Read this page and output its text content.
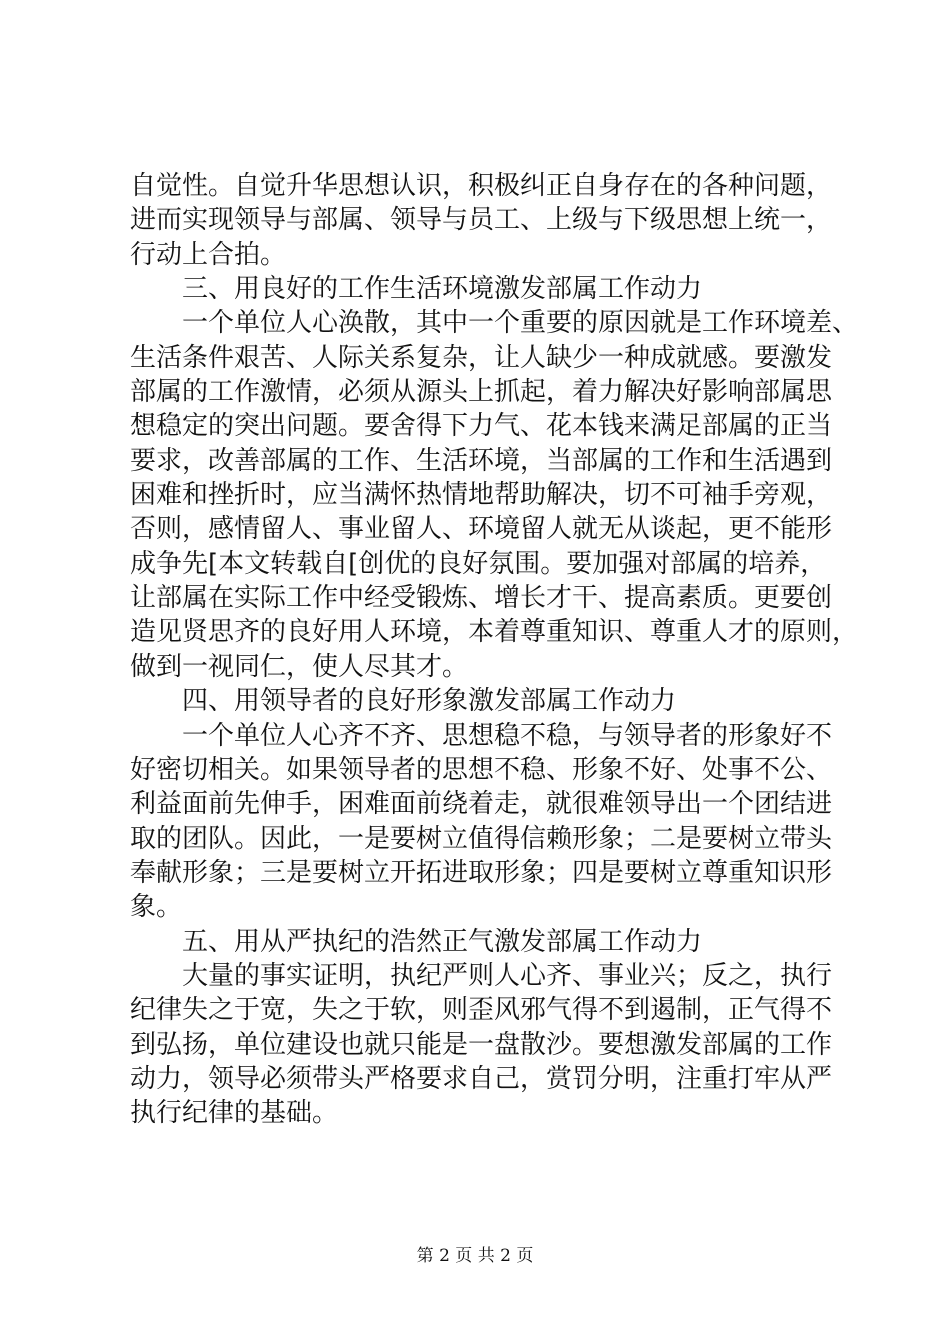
自觉性。自觉升华思想认识，积极纠正自身存在的各种问题，
进而实现领导与部属、领导与员工、上级与下级思想上统一，
行动上合拍。
　　三、用良好的工作生活环境激发部属工作动力
　　一个单位人心涣散，其中一个重要的原因就是工作环境差、
生活条件艰苦、人际关系复杂，让人缺少一种成就感。要激发
部属的工作激情，必须从源头上抓起，着力解决好影响部属思
想稳定的突出问题。要舍得下力气、花本钱来满足部属的正当
要求，改善部属的工作、生活环境，当部属的工作和生活遇到
困难和挫折时，应当满怀热情地帮助解决，切不可袖手旁观，
否则，感情留人、事业留人、环境留人就无从谈起，更不能形
成争先[本文转载自[创优的良好氛围。要加强对部属的培养，
让部属在实际工作中经受锻炼、增长才干、提高素质。更要创
造见贤思齐的良好用人环境，本着尊重知识、尊重人才的原则，
做到一视同仁，使人尽其才。
　　四、用领导者的良好形象激发部属工作动力
　　一个单位人心齐不齐、思想稳不稳，与领导者的形象好不
好密切相关。如果领导者的思想不稳、形象不好、处事不公、
利益面前先伸手，困难面前绕着走，就很难领导出一个团结进
取的团队。因此，一是要树立值得信赖形象；二是要树立带头
奉献形象；三是要树立开拓进取形象；四是要树立尊重知识形
象。
　　五、用从严执纪的浩然正气激发部属工作动力
　　大量的事实证明，执纪严则人心齐、事业兴；反之，执行
纪律失之于宽，失之于软，则歪风邪气得不到遏制，正气得不
到弘扬，单位建设也就只能是一盘散沙。要想激发部属的工作
动力，领导必须带头严格要求自己，赏罚分明，注重打牢从严
执行纪律的基础。
第 2 页 共 2 页
